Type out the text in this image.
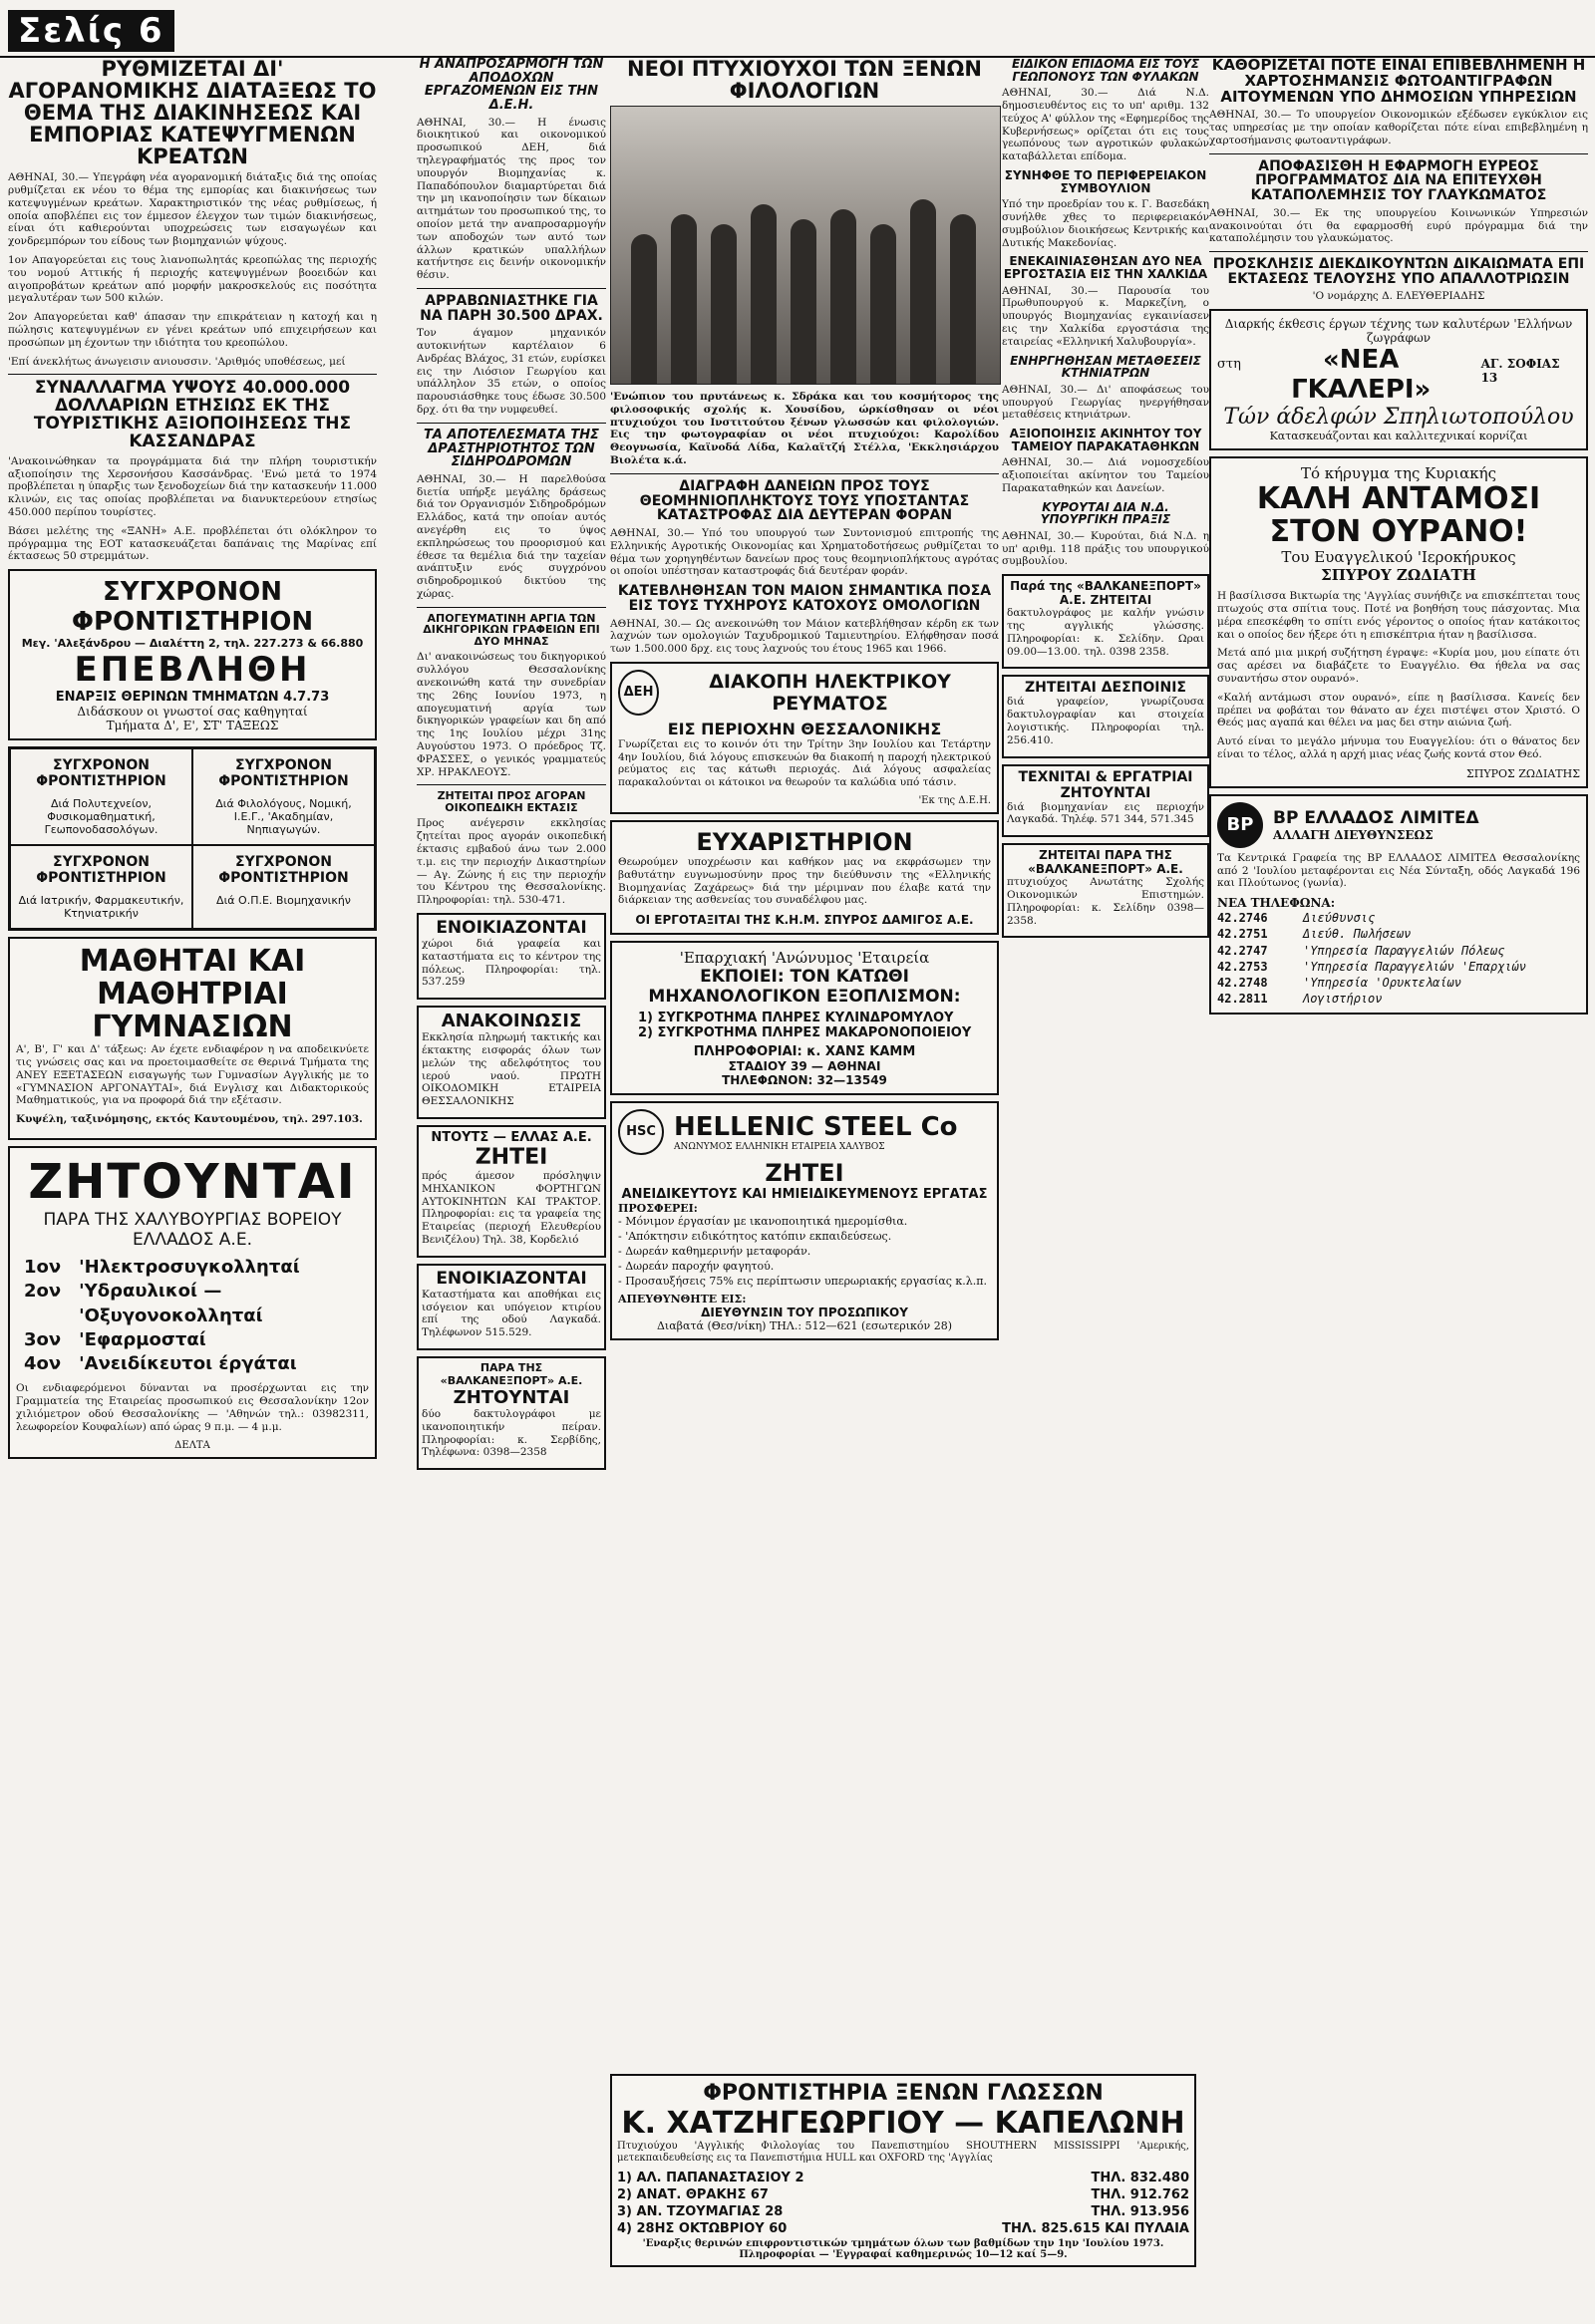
Σελίς 6
ΡΥΘΜΙΖΕΤΑΙ ΔΙ' ΑΓΟΡΑΝΟΜΙΚΗΣ ΔΙΑΤΑΞΕΩΣ ΤΟ ΘΕΜΑ ΤΗΣ ΔΙΑΚΙΝΗΣΕΩΣ ΚΑΙ ΕΜΠΟΡΙΑΣ ΚΑΤΕΨΥΓΜΕΝΩΝ ΚΡΕΑΤΩΝ
ΑΘΗΝΑΙ, 30.— Υπεγράφη νέα αγορανομική διάταξις διά της οποίας ρυθμίζεται εκ νέου το θέμα της εμπορίας και διακινήσεως των κατεψυγμένων κρεάτων. Χαρακτηριστικόν της νέας ρυθμίσεως, ή οποία αποβλέπει εις τον έμμεσον έλεγχον των τιμών διακινήσεως, είναι ότι καθιερούνται υποχρεώσεις των εισαγωγέων και χονδρεμπόρων του είδους των βιομηχανιών ψύχους.
1ον Απαγορεύεται εις τους λιανοπωλητάς κρεοπώλας της περιοχής του νομού Αττικής ή περιοχής κατεψυγμένων βοοειδών και αιγοπροβάτων κρεάτων από μορφήν μακροσκελούς εις ποσότητα μεγαλυτέραν των 500 κιλών.
2ον Απαγορεύεται καθ' άπασαν την επικράτειαν η κατοχή και η πώλησις κατεψυγμένων εν γένει κρεάτων υπό επιχειρήσεων και προσώπων μη έχοντων την ιδιότητα του κρεοπώλου.
'Επί άνεκλήτως άνωγεισιν ανιουσσιν. 'Αριθμός υποθέσεως, μεί
ΣΥΝΑΛΛΑΓΜΑ ΥΨΟΥΣ 40.000.000 ΔΟΛΛΑΡΙΩΝ ΕΤΗΣΙΩΣ ΕΚ ΤΗΣ ΤΟΥΡΙΣΤΙΚΗΣ ΑΞΙΟΠΟΙΗΣΕΩΣ ΤΗΣ ΚΑΣΣΑΝΔΡΑΣ
'Ανακοινώθηκαν τα προγράμματα διά την πλήρη τουριστικήν αξιοποίησιν της Χερσονήσου Κασσάνδρας. 'Ενώ μετά το 1974 προβλέπεται η ύπαρξις των ξενοδοχείων διά την κατασκευήν 11.000 κλινών, εις τας οποίας προβλέπεται να διανυκτερεύουν ετησίως 450.000 περίπου τουρίστες.
Βάσει μελέτης της «ΞΑΝΗ» Α.Ε. προβλέπεται ότι ολόκληρον το πρόγραμμα της ΕΟΤ κατασκευάζεται δαπάναις της Μαρίνας επί έκτασεως 50 στρεμμάτων.
ΣΥΓΧΡΟΝΟΝ ΦΡΟΝΤΙΣΤΗΡΙΟΝ
Μεγ. 'Αλεξάνδρου — Διαλέττη 2, τηλ. 227.273 & 66.880
ΕΠΕΒΛΗΘΗ
ΕΝΑΡΞΙΣ ΘΕΡΙΝΩΝ ΤΜΗΜΑΤΩΝ 4.7.73
Διδάσκουν οι γνωστοί σας καθηγηταί
Τμήματα Δ', Ε', ΣΤ' ΤΑΞΕΩΣ
ΣΥΓΧΡΟΝΟΝ ΦΡΟΝΤΙΣΤΗΡΙΟΝ
Διά Πολυτεχνείον, Φυσικομαθηματική, Γεωπονοδασολόγων.
ΣΥΓΧΡΟΝΟΝ ΦΡΟΝΤΙΣΤΗΡΙΟΝ
Διά Φιλολόγους, Νομική, Ι.Ε.Γ., 'Ακαδημίαν, Νηπιαγωγών.
ΣΥΓΧΡΟΝΟΝ ΦΡΟΝΤΙΣΤΗΡΙΟΝ
Διά Ιατρικήν, Φαρμακευτικήν, Κτηνιατρικήν
ΣΥΓΧΡΟΝΟΝ ΦΡΟΝΤΙΣΤΗΡΙΟΝ
Διά Ο.Π.Ε. Βιομηχανικήν
ΜΑΘΗΤΑΙ ΚΑΙ ΜΑΘΗΤΡΙΑΙ ΓΥΜΝΑΣΙΩΝ
Α', Β', Γ' και Δ' τάξεως: Αν έχετε ενδιαφέρον η να αποδεικνύετε τις γνώσεις σας και να προετοιμασθείτε σε Θερινά Τμήματα της ΑΝΕΥ ΕΞΕΤΑΣΕΩΝ εισαγωγής των Γυμνασίων Αγγλικής με το «ΓΥΜΝΑΣΙΟΝ ΑΡΓΟΝΑΥΤΑΙ», διά Ενγλισχ και Διδακτορικούς Μαθηματικούς, για να προφορά διά την εξέτασιν.
Κυψέλη, ταξινόμησης, εκτός Καυτουμένου, τηλ. 297.103.
ΖΗΤΟΥΝΤΑΙ
ΠΑΡΑ ΤΗΣ ΧΑΛΥΒΟΥΡΓΙΑΣ ΒΟΡΕΙΟΥ ΕΛΛΑΔΟΣ Α.Ε.
1ον 'Ηλεκτροσυγκολληταί
2ον 'Υδραυλικοί — 'Οξυγονοκολληταί
3ον 'Εφαρμοσταί
4ον 'Ανειδίκευτοι έργάται
Οι ενδιαφερόμενοι δύνανται να προσέρχωνται εις την Γραμματεία της Εταιρείας προσωπικού εις Θεσσαλονίκην 12ον χιλιόμετρον οδού Θεσσαλονίκης — 'Αθηνών τηλ.: 03982311, λεωφορείον Κουφαλίων) από ώρας 9 π.μ. — 4 μ.μ.
ΔΕΛΤΑ
Η ΑΝΑΠΡΟΣΑΡΜΟΓΗ ΤΩΝ ΑΠΟΔΟΧΩΝ ΕΡΓΑΖΟΜΕΝΩΝ ΕΙΣ ΤΗΝ Δ.Ε.Η.
ΑΘΗΝΑΙ, 30.— Η ένωσις διοικητικού και οικονομικού προσωπικού ΔΕΗ, διά τηλεγραφήματός της προς τον υπουργόν Βιομηχανίας κ. Παπαδόπουλον διαμαρτύρεται διά την μη ικανοποίησιν των δίκαιων αιτημάτων του προσωπικού της, το οποίον μετά την αναπροσαρμογήν των αποδοχών των αυτό των άλλων κρατικών υπαλλήλων κατήντησε εις δεινήν οικονομικήν θέσιν.
ΑΡΡΑΒΩΝΙΑΣΤΗΚΕ ΓΙΑ ΝΑ ΠΑΡΗ 30.500 ΔΡΑΧ.
Τον άγαμον μηχανικόν αυτοκινήτων καρτέλαιον 6 Ανδρέας Βλάχος, 31 ετών, ευρίσκει εις την Λιόσιον Γεωργίου και υπάλληλον 35 ετών, ο οποίος παρουσιάσθηκε τους έδωσε 30.500 δρχ. ότι θα την νυμφευθεί.
ΤΑ ΑΠΟΤΕΛΕΣΜΑΤΑ ΤΗΣ ΔΡΑΣΤΗΡΙΟΤΗΤΟΣ ΤΩΝ ΣΙΔΗΡΟΔΡΟΜΩΝ
ΑΘΗΝΑΙ, 30.— Η παρελθούσα διετία υπήρξε μεγάλης δράσεως διά τον Οργανισμόν Σιδηροδρόμων Ελλάδος, κατά την οποίαν αυτός ανεγέρθη εις το ύψος εκπληρώσεως του προορισμού και έθεσε τα θεμέλια διά την ταχείαν ανάπτυξιν ενός συγχρόνου σιδηροδρομικού δικτύου της χώρας.
ΑΠΟΓΕΥΜΑΤΙΝΗ ΑΡΓΙΑ ΤΩΝ ΔΙΚΗΓΟΡΙΚΩΝ ΓΡΑΦΕΙΩΝ ΕΠΙ ΔΥΟ ΜΗΝΑΣ
Δι' ανακοινώσεως του δικηγορικού συλλόγου Θεσσαλονίκης ανεκοινώθη κατά την συνεδρίαν της 26ης Ιουνίου 1973, η απογευματινή αργία των δικηγορικών γραφείων και δη από της 1ης Ιουλίου μέχρι 31ης Αυγούστου 1973. Ο πρόεδρος Τζ. ΦΡΑΣΣΕΣ, ο γενικός γραμματεύς ΧΡ. ΗΡΑΚΛΕΟΥΣ.
ΖΗΤΕΙΤΑΙ ΠΡΟΣ ΑΓΟΡΑΝ ΟΙΚΟΠΕΔΙΚΗ ΕΚΤΑΣΙΣ
Προς ανέγερσιν εκκλησίας ζητείται προς αγοράν οικοπεδική έκτασις εμβαδού άνω των 2.000 τ.μ. εις την περιοχήν Δικαστηρίων — Αγ. Ζώνης ή εις την περιοχήν του Κέντρου της Θεσσαλονίκης. Πληροφορίαι: τηλ. 530-471.
ΕΝΟΙΚΙΑΖΟΝΤΑΙ
χώροι διά γραφεία και καταστήματα εις το κέντρον της πόλεως. Πληροφορίαι: τηλ. 537.259
ΑΝΑΚΟΙΝΩΣΙΣ
Εκκλησία πληρωμή τακτικής και έκτακτης εισφοράς όλων των μελών της αδελφότητος του ιερού ναού. ΠΡΩΤΗ ΟΙΚΟΔΟΜΙΚΗ ΕΤΑΙΡΕΙΑ ΘΕΣΣΑΛΟΝΙΚΗΣ
ΝΤΟΥΤΣ — ΕΛΛΑΣ Α.Ε.
ΖΗΤΕΙ
πρός άμεσον πρόσληψιν ΜΗΧΑΝΙΚΟΝ ΦΟΡΤΗΓΩΝ ΑΥΤΟΚΙΝΗΤΩΝ ΚΑΙ ΤΡΑΚΤΟΡ. Πληροφορίαι: εις τα γραφεία της Εταιρείας (περιοχή Ελευθερίου Βενιζέλου) Τηλ. 38, Κορδελιό
ΕΝΟΙΚΙΑΖΟΝΤΑΙ
Καταστήματα και αποθήκαι εις ισόγειον και υπόγειον κτιρίου επί της οδού Λαγκαδά. Τηλέφωνον 515.529.
ΠΑΡΑ ΤΗΣ «ΒΑΛΚΑΝΕΞΠΟΡΤ» Α.Ε.
ΖΗΤΟΥΝΤΑΙ
δύο δακτυλογράφοι με ικανοποιητικήν πείραν. Πληροφορίαι: κ. Σερβίδης, Τηλέφωνα: 0398—2358
ΝΕΟΙ ΠΤΥΧΙΟΥΧΟΙ ΤΩΝ ΞΕΝΩΝ ΦΙΛΟΛΟΓΙΩΝ
'Ενώπιον του πρυτάνεως κ. Σδράκα και του κοσμήτορος της φιλοσοφικής σχολής κ. Χουσίδου, ώρκίσθησαν οι νέοι πτυχιούχοι του Ινστιτούτου ξένων γλωσσών και φιλολογιών. Εις την φωτογραφίαν οι νέοι πτυχιούχοι: Καρολίδου Θεογνωσία, Καϊνοδά Λίδα, Καλαϊτζή Στέλλα, 'Εκκλησιάρχου Βιολέτα κ.ά.
ΔΙΑΓΡΑΦΗ ΔΑΝΕΙΩΝ ΠΡΟΣ ΤΟΥΣ ΘΕΟΜΗΝΙΟΠΛΗΚΤΟΥΣ ΤΟΥΣ ΥΠΟΣΤΑΝΤΑΣ ΚΑΤΑΣΤΡΟΦΑΣ ΔΙΑ ΔΕΥΤΕΡΑΝ ΦΟΡΑΝ
ΑΘΗΝΑΙ, 30.— Υπό του υπουργού των Συντονισμού επιτροπής της Ελληνικής Αγροτικής Οικονομίας και Χρηματοδοτήσεως ρυθμίζεται το θέμα των χορηγηθέντων δανείων προς τους θεομηνιοπλήκτους αγρότας οι οποίοι υπέστησαν καταστροφάς διά δευτέραν φοράν.
ΚΑΤΕΒΛΗΘΗΣΑΝ ΤΟΝ ΜΑΙΟΝ ΣΗΜΑΝΤΙΚΑ ΠΟΣΑ ΕΙΣ ΤΟΥΣ ΤΥΧΗΡΟΥΣ ΚΑΤΟΧΟΥΣ ΟΜΟΛΟΓΙΩΝ
ΑΘΗΝΑΙ, 30.— Ως ανεκοινώθη τον Μάιον κατεβλήθησαν κέρδη εκ των λαχνών των ομολογιών Ταχυδρομικού Ταμιευτηρίου. Ελήφθησαν ποσά των 1.500.000 δρχ. εις τους λαχνούς του έτους 1965 και 1966.
ΔΕΗ	ΔΙΑΚΟΠΗ ΗΛΕΚΤΡΙΚΟΥ ΡΕΥΜΑΤΟΣ
ΕΙΣ ΠΕΡΙΟΧΗΝ ΘΕΣΣΑΛΟΝΙΚΗΣ
Γνωρίζεται εις το κοινόν ότι την Τρίτην 3ην Ιουλίου και Τετάρτην 4ην Ιουλίου, διά λόγους επισκευών θα διακοπή η παροχή ηλεκτρικού ρεύματος εις τας κάτωθι περιοχάς. Διά λόγους ασφαλείας παρακαλούνται οι κάτοικοι να θεωρούν τα καλώδια υπό τάσιν.
'Εκ της Δ.Ε.Η.
ΕΥΧΑΡΙΣΤΗΡΙΟΝ
Θεωρούμεν υποχρέωσιν και καθήκον μας να εκφράσωμεν την βαθυτάτην ευγνωμοσύνην προς την διεύθυνσιν της «Ελληνικής Βιομηχανίας Ζαχάρεως» διά την μέριμναν που έλαβε κατά την διάρκειαν της ασθενείας του συναδέλφου μας.
ΟΙ ΕΡΓΟΤΑΞΙΤΑΙ ΤΗΣ Κ.Η.Μ. ΣΠΥΡΟΣ ΔΑΜΙΓΟΣ Α.Ε.
'Επαρχιακή 'Ανώνυμος 'Εταιρεία
ΕΚΠΟΙΕΙ: ΤΟΝ ΚΑΤΩΘΙ ΜΗΧΑΝΟΛΟΓΙΚΟΝ ΕΞΟΠΛΙΣΜΟΝ:
1) ΣΥΓΚΡΟΤΗΜΑ ΠΛΗΡΕΣ ΚΥΛΙΝΔΡΟΜΥΛΟΥ
2) ΣΥΓΚΡΟΤΗΜΑ ΠΛΗΡΕΣ ΜΑΚΑΡΟΝΟΠΟΙΕΙΟΥ
ΠΛΗΡΟΦΟΡΙΑΙ: κ. ΧΑΝΣ ΚΑΜΜ
ΣΤΑΔΙΟΥ 39 — ΑΘΗΝΑΙ
ΤΗΛΕΦΩΝΟΝ: 32—13549
HSC HELLENIC STEEL Co
ΑΝΩΝΥΜΟΣ ΕΛΛΗΝΙΚΗ ΕΤΑΙΡΕΙΑ ΧΑΛΥΒΟΣ
ΖΗΤΕΙ
ΑΝΕΙΔΙΚΕΥΤΟΥΣ ΚΑΙ ΗΜΙΕΙΔΙΚΕΥΜΕΝΟΥΣ ΕΡΓΑΤΑΣ
ΠΡΟΣΦΕΡΕΙ:
- Μόνιμον έργασίαν με ικανοποιητικά ημερομίσθια.
- 'Απόκτησιν ειδικότητος κατόπιν εκπαιδεύσεως.
- Δωρεάν καθημερινήν μεταφοράν.
- Δωρεάν παροχήν φαγητού.
- Προσαυξήσεις 75% εις περίπτωσιν υπερωριακής εργασίας κ.λ.π.
ΑΠΕΥΘΥΝΘΗΤΕ ΕΙΣ:
ΔΙΕΥΘΥΝΣΙΝ ΤΟΥ ΠΡΟΣΩΠΙΚΟΥ
Διαβατά (Θεσ/νίκη) ΤΗΛ.: 512—621 (εσωτερικόν 28)
ΦΡΟΝΤΙΣΤΗΡΙΑ ΞΕΝΩΝ ΓΛΩΣΣΩΝ
Κ. ΧΑΤΖΗΓΕΩΡΓΙΟΥ — ΚΑΠΕΛΩΝΗ
Πτυχιούχου 'Αγγλικής Φιλολογίας του Πανεπιστημίου SHOUTHERN MISSISSIPPI 'Αμερικής, μετεκπαιδευθείσης εις τα Πανεπιστήμια HULL και OXFORD της 'Αγγλίας
1) ΑΛ. ΠΑΠΑΝΑΣΤΑΣΙΟΥ 2	ΤΗΛ. 832.480
2) ΑΝΑΤ. ΘΡΑΚΗΣ 67	ΤΗΛ. 912.762
3) ΑΝ. ΤΖΟΥΜΑΓΙΑΣ 28	ΤΗΛ. 913.956
4) 28ΗΣ ΟΚΤΩΒΡΙΟΥ 60	ΤΗΛ. 825.615 ΚΑΙ ΠΥΛΑΙΑ
'Εναρξις θερινών επιφροντιστικών τμημάτων όλων των βαθμίδων την 1ην 'Ιουλίου 1973. Πληροφορίαι — 'Εγγραφαί καθημερινώς 10—12 καί 5—9.
ΕΙΔΙΚΟΝ ΕΠΙΔΟΜΑ ΕΙΣ ΤΟΥΣ ΓΕΩΠΟΝΟΥΣ ΤΩΝ ΦΥΛΑΚΩΝ
ΑΘΗΝΑΙ, 30.— Διά Ν.Δ. δημοσιευθέντος εις το υπ' αριθμ. 132 τεύχος Α' φύλλον της «Εφημερίδος της Κυβερνήσεως» ορίζεται ότι εις τους γεωπόνους των αγροτικών φυλακών καταβάλλεται επίδομα.
ΣΥΝΗΦΘΕ ΤΟ ΠΕΡΙΦΕΡΕΙΑΚΟΝ ΣΥΜΒΟΥΛΙΟΝ
Υπό την προεδρίαν του κ. Γ. Βασεδάκη συνήλθε χθες το περιφερειακόν συμβούλιον διοικήσεως Κεντρικής και Δυτικής Μακεδονίας.
ΕΝΕΚΑΙΝΙΑΣΘΗΣΑΝ ΔΥΟ ΝΕΑ ΕΡΓΟΣΤΑΣΙΑ ΕΙΣ ΤΗΝ ΧΑΛΚΙΔΑ
ΑΘΗΝΑΙ, 30.— Παρουσία του Πρωθυπουργού κ. Μαρκεζίνη, ο υπουργός Βιομηχανίας εγκαινίασεν εις την Χαλκίδα εργοστάσια της εταιρείας «Ελληνική Χαλυβουργία».
ΕΝΗΡΓΗΘΗΣΑΝ ΜΕΤΑΘΕΣΕΙΣ ΚΤΗΝΙΑΤΡΩΝ
ΑΘΗΝΑΙ, 30.— Δι' αποφάσεως του υπουργού Γεωργίας ηνεργήθησαν μεταθέσεις κτηνιάτρων.
ΑΞΙΟΠΟΙΗΣΙΣ ΑΚΙΝΗΤΟΥ ΤΟΥ ΤΑΜΕΙΟΥ ΠΑΡΑΚΑΤΑΘΗΚΩΝ
ΑΘΗΝΑΙ, 30.— Διά νομοσχεδίου αξιοποιείται ακίνητον του Ταμείου Παρακαταθηκών και Δανείων.
ΚΥΡΟΥΤΑΙ ΔΙΑ Ν.Δ. ΥΠΟΥΡΓΙΚΗ ΠΡΑΞΙΣ
ΑΘΗΝΑΙ, 30.— Κυρούται, διά Ν.Δ. η υπ' αριθμ. 118 πράξις του υπουργικού συμβουλίου.
Παρά της «ΒΑΛΚΑΝΕΞΠΟΡΤ» Α.Ε. ΖΗΤΕΙΤΑΙ
δακτυλογράφος με καλήν γνώσιν της αγγλικής γλώσσης. Πληροφορίαι: κ. Σελίδην. Ωραι 09.00—13.00. τηλ. 0398 2358.
ΖΗΤΕΙΤΑΙ ΔΕΣΠΟΙΝΙΣ
διά γραφείον, γνωρίζουσα δακτυλογραφίαν και στοιχεία λογιστικής. Πληροφορίαι τηλ. 256.410.
ΤΕΧΝΙΤΑΙ & ΕΡΓΑΤΡΙΑΙ ΖΗΤΟΥΝΤΑΙ
διά βιομηχανίαν εις περιοχήν Λαγκαδά. Τηλέφ. 571 344, 571.345
ΖΗΤΕΙΤΑΙ ΠΑΡΑ ΤΗΣ «ΒΑΛΚΑΝΕΞΠΟΡΤ» Α.Ε.
πτυχιούχος Ανωτάτης Σχολής Οικονομικών Επιστημών. Πληροφορίαι: κ. Σελίδην 0398—2358.
ΚΑΘΟΡΙΖΕΤΑΙ ΠΟΤΕ ΕΙΝΑΙ ΕΠΙΒΕΒΛΗΜΕΝΗ Η ΧΑΡΤΟΣΗΜΑΝΣΙΣ ΦΩΤΟΑΝΤΙΓΡΑΦΩΝ ΑΙΤΟΥΜΕΝΩΝ ΥΠΟ ΔΗΜΟΣΙΩΝ ΥΠΗΡΕΣΙΩΝ
ΑΘΗΝΑΙ, 30.— Το υπουργείον Οικονομικών εξέδωσεν εγκύκλιον εις τας υπηρεσίας με την οποίαν καθορίζεται πότε είναι επιβεβλημένη η χαρτοσήμανσις φωτοαντιγράφων.
ΑΠΟΦΑΣΙΣΘΗ Η ΕΦΑΡΜΟΓΗ ΕΥΡΕΟΣ ΠΡΟΓΡΑΜΜΑΤΟΣ ΔΙΑ ΝΑ ΕΠΙΤΕΥΧΘΗ ΚΑΤΑΠΟΛΕΜΗΣΙΣ ΤΟΥ ΓΛΑΥΚΩΜΑΤΟΣ
ΑΘΗΝΑΙ, 30.— Εκ της υπουργείου Κοινωνικών Υπηρεσιών ανακοινούται ότι θα εφαρμοσθή ευρύ πρόγραμμα διά την καταπολέμησιν του γλαυκώματος.
ΠΡΟΣΚΛΗΣΙΣ ΔΙΕΚΔΙΚΟΥΝΤΩΝ ΔΙΚΑΙΩΜΑΤΑ ΕΠΙ ΕΚΤΑΣΕΩΣ ΤΕΛΟΥΣΗΣ ΥΠΟ ΑΠΑΛΛΟΤΡΙΩΣΙΝ
'Ο νομάρχης Δ. ΕΛΕΥΘΕΡΙΑΔΗΣ
Διαρκής έκθεσις έργων τέχνης των καλυτέρων 'Ελλήνων ζωγράφων
στη	«ΝΕΑ ΓΚΑΛΕΡΙ»
ΑΓ. ΣΟΦΙΑΣ 13
Τών άδελφών Σπηλιωτοπούλου
Κατασκευάζονται και καλλιτεχνικαί κορνίζαι
Τό κήρυγμα της Κυριακής
ΚΑΛΗ ΑΝΤΑΜΟΣΙ ΣΤΟΝ ΟΥΡΑΝΟ!
Του Ευαγγελικού 'Ιεροκήρυκος
ΣΠΥΡΟΥ ΖΩΔΙΑΤΗ
Η βασίλισσα Βικτωρία της 'Αγγλίας συνήθιζε να επισκέπτεται τους πτωχούς στα σπίτια τους. Ποτέ να βοηθήση τους πάσχοντας. Μια μέρα επεσκέφθη το σπίτι ενός γέροντος ο οποίος ήταν κατάκοιτος και ο οποίος δεν ήξερε ότι η επισκέπτρια ήταν η βασίλισσα.
Μετά από μια μικρή συζήτηση έγραψε: «Κυρία μου, μου είπατε ότι σας αρέσει να διαβάζετε το Ευαγγέλιο. Θα ήθελα να σας συναντήσω στον ουρανό».
«Καλή αντάμωσι στον ουρανό», είπε η βασίλισσα. Κανείς δεν πρέπει να φοβάται τον θάνατο αν έχει πιστέψει στον Χριστό. Ο Θεός μας αγαπά και θέλει να μας δει στην αιώνια ζωή.
Αυτό είναι το μεγάλο μήνυμα του Ευαγγελίου: ότι ο θάνατος δεν είναι το τέλος, αλλά η αρχή μιας νέας ζωής κοντά στον Θεό.
ΣΠΥΡΟΣ ΖΩΔΙΑΤΗΣ
BP	BP ΕΛΛΑΔΟΣ ΛΙΜΙΤΕΔ
ΑΛΛΑΓΗ ΔΙΕΥΘΥΝΣΕΩΣ
Τα Κεντρικά Γραφεία της BP ΕΛΛΑΔΟΣ ΛΙΜΙΤΕΔ Θεσσαλονίκης από 2 'Ιουλίου μεταφέρονται εις Νέα Σύνταξη, οδός Λαγκαδά 196 και Πλούτωνος (γωνία).
ΝΕΑ ΤΗΛΕΦΩΝΑ:
42.2746	Διεύθυνσις
42.2751	Διεύθ. Πωλήσεων
42.2747	'Υπηρεσία Παραγγελιών Πόλεως
42.2753	'Υπηρεσία Παραγγελιών 'Επαρχιών
42.2748	'Υπηρεσία 'Ορυκτελαίων
42.2811	Λογιστήριον
